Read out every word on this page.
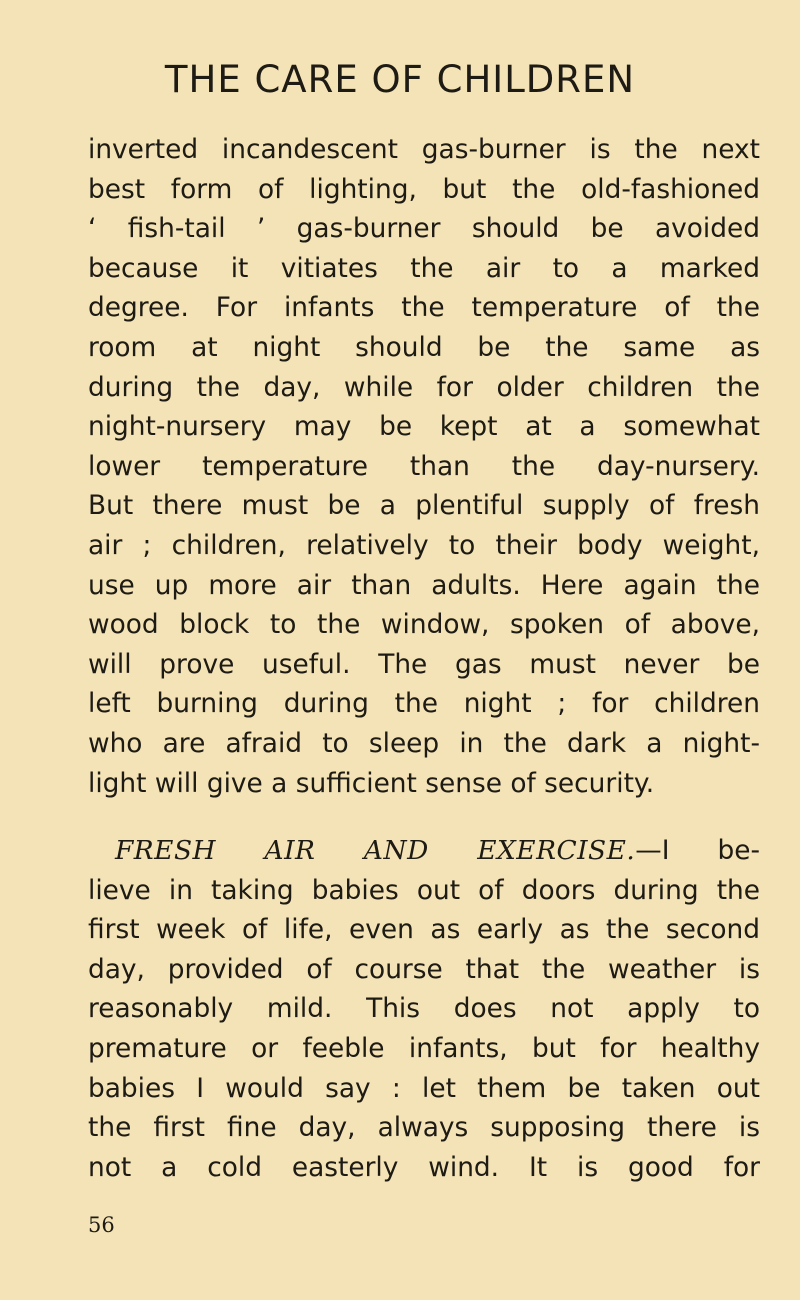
THE CARE OF CHILDREN
inverted incandescent gas-burner is the next
best form of lighting, but the old-fashioned
‘ fish-tail ’ gas-burner should be avoided
because it vitiates the air to a marked
degree. For infants the temperature of the
room at night should be the same as
during the day, while for older children the
night-nursery may be kept at a somewhat
lower temperature than the day-nursery.
But there must be a plentiful supply of fresh
air ; children, relatively to their body weight,
use up more air than adults. Here again the
wood block to the window, spoken of above,
will prove useful. The gas must never be
left burning during the night ; for children
who are afraid to sleep in the dark a night-
light will give a sufficient sense of security.
FRESH AIR AND EXERCISE.—I be-
lieve in taking babies out of doors during the
first week of life, even as early as the second
day, provided of course that the weather is
reasonably mild. This does not apply to
premature or feeble infants, but for healthy
babies I would say : let them be taken out
the first fine day, always supposing there is
not a cold easterly wind. It is good for
56
